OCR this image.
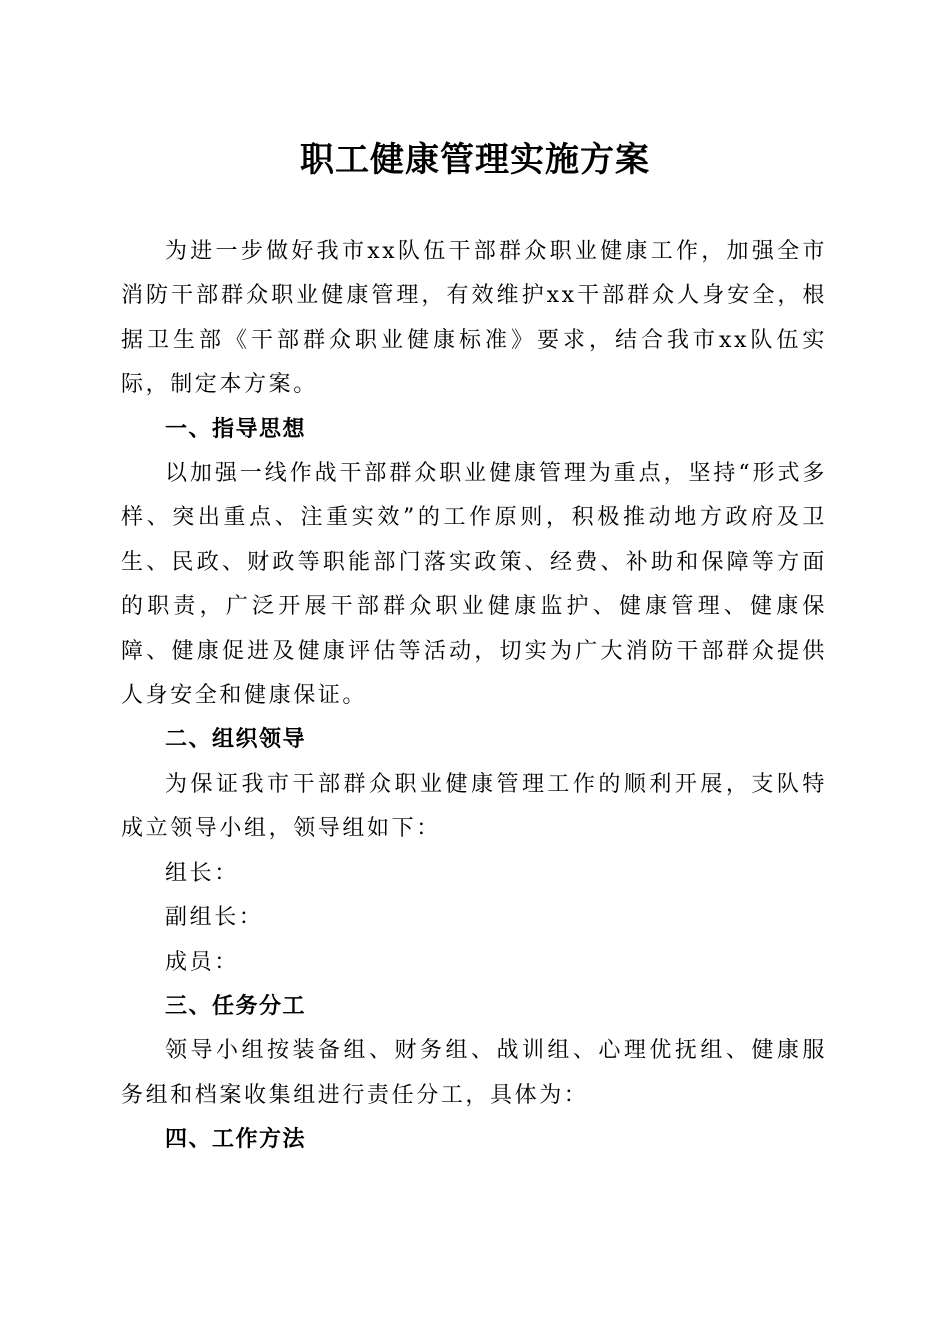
职工健康管理实施方案

为进一步做好我市xx队伍干部群众职业健康工作，加强全市消防干部群众职业健康管理，有效维护xx干部群众人身安全，根据卫生部《干部群众职业健康标准》要求，结合我市xx队伍实际，制定本方案。

一、指导思想

以加强一线作战干部群众职业健康管理为重点，坚持“形式多样、突出重点、注重实效”的工作原则，积极推动地方政府及卫生、民政、财政等职能部门落实政策、经费、补助和保障等方面的职责，广泛开展干部群众职业健康监护、健康管理、健康保障、健康促进及健康评估等活动，切实为广大消防干部群众提供人身安全和健康保证。

二、组织领导

为保证我市干部群众职业健康管理工作的顺利开展，支队特成立领导小组，领导组如下：

组长：

副组长：

成员：

三、任务分工

领导小组按装备组、财务组、战训组、心理优抚组、健康服务组和档案收集组进行责任分工，具体为：

四、工作方法
